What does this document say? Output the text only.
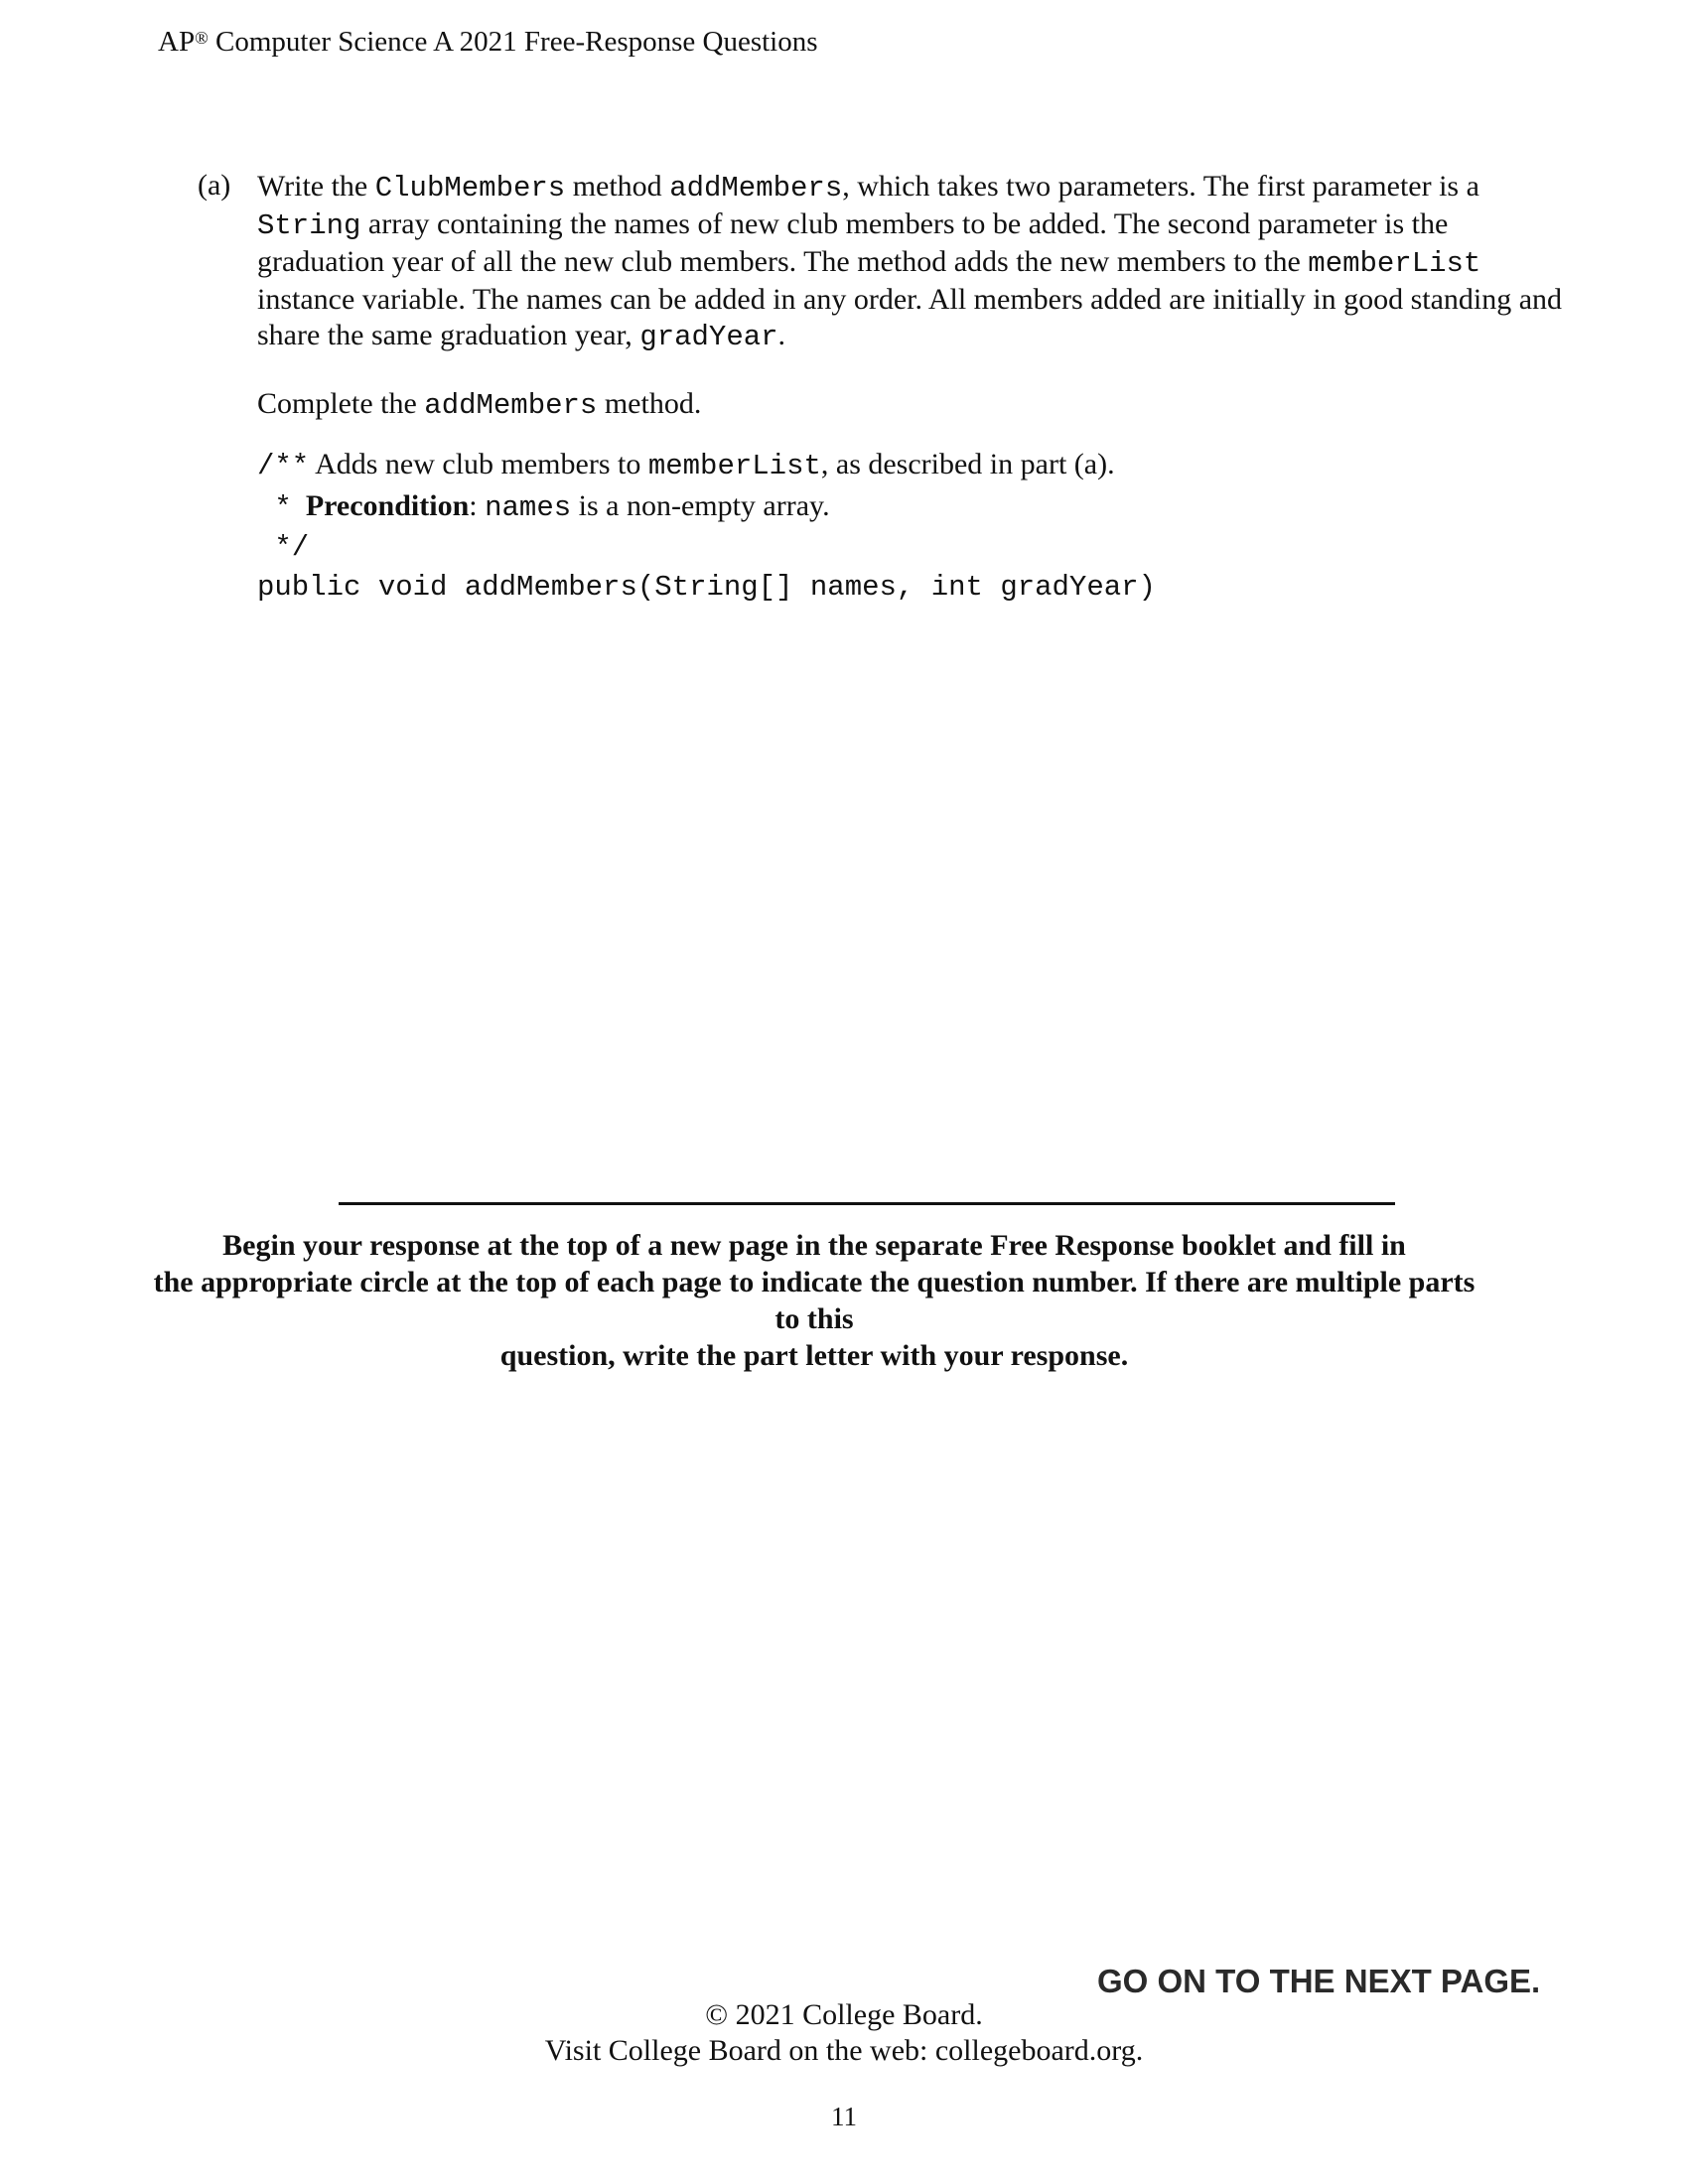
AP® Computer Science A 2021 Free-Response Questions
(a) Write the ClubMembers method addMembers, which takes two parameters. The first parameter is a String array containing the names of new club members to be added. The second parameter is the graduation year of all the new club members. The method adds the new members to the memberList instance variable. The names can be added in any order. All members added are initially in good standing and share the same graduation year, gradYear.
Complete the addMembers method.
/** Adds new club members to memberList, as described in part (a).
* Precondition: names is a non-empty array.
*/
public void addMembers(String[] names, int gradYear)
Begin your response at the top of a new page in the separate Free Response booklet and fill in
the appropriate circle at the top of each page to indicate the question number. If there are multiple parts to this
question, write the part letter with your response.
GO ON TO THE NEXT PAGE.
© 2021 College Board.
Visit College Board on the web: collegeboard.org.
11
